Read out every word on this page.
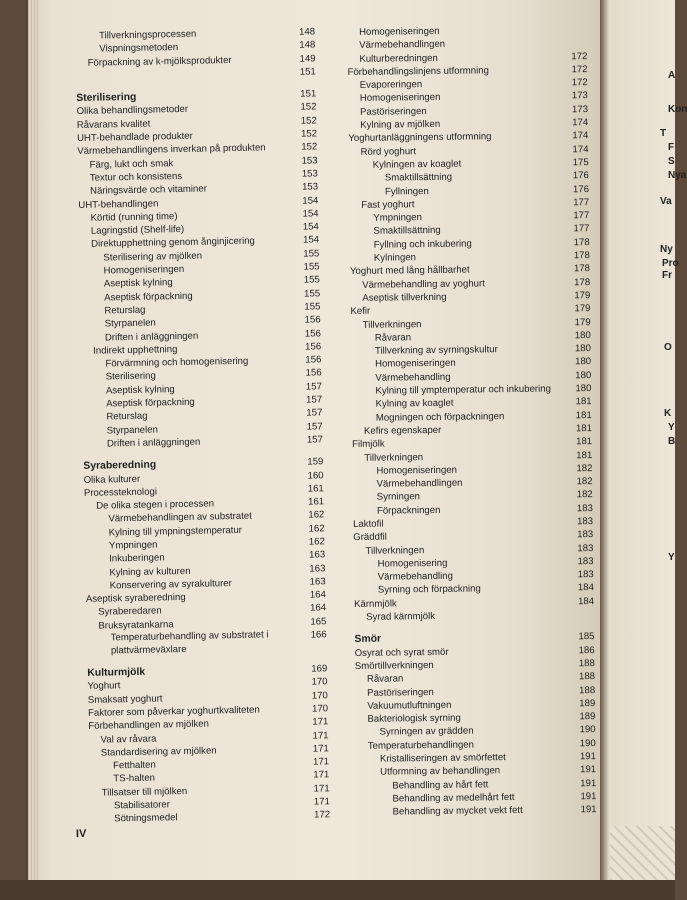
Tillverkningsprocessen	148
Vispningsmetoden	148
Förpackning av k-mjölksprodukter	149
151
Sterilisering	151
Olika behandlingsmetoder	152
Råvarans kvalitet	152
UHT-behandlade produkter	152
Värmebehandlingens inverkan på produkten	152
Färg, lukt och smak	153
Textur och konsistens	153
Näringsvärde och vitaminer	153
UHT-behandlingen	154
Körtid (running time)	154
Lagringstid (Shelf-life)	154
Direktupphettning genom ånginjicering	154
Sterilisering av mjölken	155
Homogeniseringen	155
Aseptisk kylning	155
Aseptisk förpackning	155
Returslag	155
Styrpanelen	156
Driften i anläggningen	156
Indirekt upphettning	156
Förvärmning och homogenisering	156
Sterilisering	156
Aseptisk kylning	157
Aseptisk förpackning	157
Returslag	157
Styrpanelen	157
Driften i anläggningen	157
Syraberedning	159
Olika kulturer	160
Processteknologi	161
De olika stegen i processen	161
Värmebehandlingen av substratet	162
Kylning till ympningstemperatur	162
Ympningen	162
Inkuberingen	163
Kylning av kulturen	163
Konservering av syrakulturer	163
Aseptisk syraberedning	164
Syraberedaren	164
Bruksyratankarna	165
Temperaturbehandling av substratet i plattvärmeväxlare
166
Kulturmjölk	169
Yoghurt	170
Smaksatt yoghurt	170
Faktorer som påverkar yoghurtkvaliteten	170
Förbehandlingen av mjölken	171
Val av råvara	171
Standardisering av mjölken	171
Fetthalten	171
TS-halten	171
Tillsatser till mjölken	171
Stabilisatorer	171
Sötningsmedel	172
Homogeniseringen
Värmebehandlingen
Kulturberedningen	172
Förbehandlingslinjens utformning	172
Evaporeringen	172
Homogeniseringen	173
Pastöriseringen	173
Kylning av mjölken	174
Yoghurtanläggningens utformning	174
Rörd yoghurt	174
Kylningen av koaglet	175
Smaktillsättning	176
Fyllningen	176
Fast yoghurt	177
Ympningen	177
Smaktillsättning	177
Fyllning och inkubering	178
Kylningen	178
Yoghurt med lång hållbarhet	178
Värmebehandling av yoghurt	178
Aseptisk tillverkning	179
Kefir	179
Tillverkningen	179
Råvaran	180
Tillverkning av syrningskultur	180
Homogeniseringen	180
Värmebehandling	180
Kylning till ymptemperatur och inkubering	180
Kylning av koaglet	181
Mogningen och förpackningen	181
Kefirs egenskaper	181
Filmjölk	181
Tillverkningen	181
Homogeniseringen	182
Värmebehandlingen	182
Syrningen	182
Förpackningen	183
Laktofil	183
Gräddfil	183
Tillverkningen	183
Homogenisering	183
Värmebehandling	183
Syrning och förpackning	184
Kärnmjölk	184
Syrad kärnmjölk
Smör	185
Osyrat och syrat smör	186
Smörtillverkningen	188
Råvaran	188
Pastöriseringen	188
Vakuumutluftningen	189
Bakteriologisk syrning	189
Syrningen av grädden	190
Temperaturbehandlingen	190
Kristalliseringen av smörfettet	191
Utformning av behandlingen	191
Behandling av hårt fett	191
Behandling av medelhårt fett	191
Behandling av mycket vekt fett	191
IV
A
Kon
T
F
S
Nya
Va
Ny
Pro
Fr
O
K
Y
B
Y
